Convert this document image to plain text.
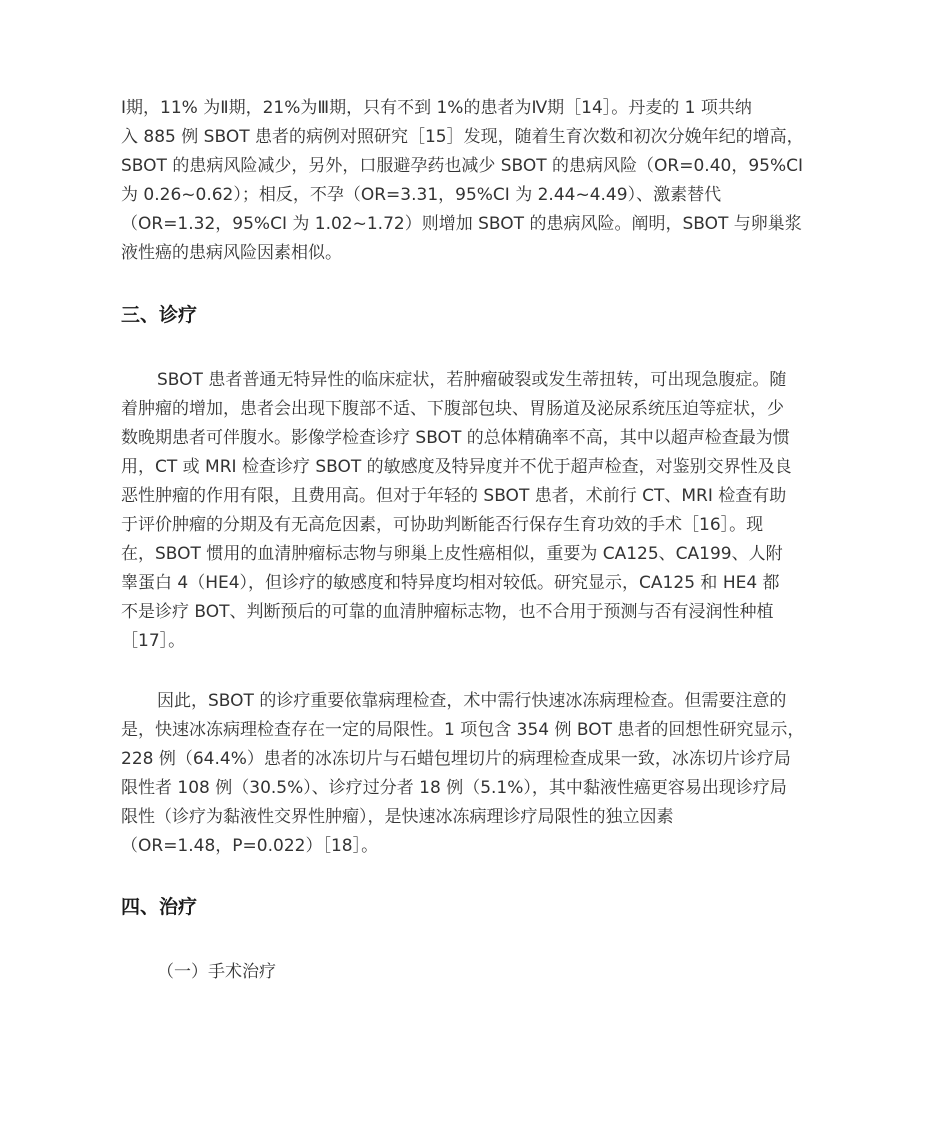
Ⅰ期，11% 为Ⅱ期，21%为Ⅲ期，只有不到 1%的患者为Ⅳ期［14］。丹麦的 1 项共纳

入 885 例 SBOT 患者的病例对照研究［15］发现，随着生育次数和初次分娩年纪的增高，

SBOT 的患病风险减少，另外，口服避孕药也减少 SBOT 的患病风险（OR=0.40，95%CI

为 0.26~0.62）；相反，不孕（OR=3.31，95%CI 为 2.44~4.49）、激素替代

（OR=1.32，95%CI 为 1.02~1.72）则增加 SBOT 的患病风险。阐明，SBOT 与卵巢浆

液性癌的患病风险因素相似。

三、诊疗

SBOT 患者普通无特异性的临床症状，若肿瘤破裂或发生蒂扭转，可出现急腹症。随

着肿瘤的增加，患者会出现下腹部不适、下腹部包块、胃肠道及泌尿系统压迫等症状，少

数晚期患者可伴腹水。影像学检查诊疗 SBOT 的总体精确率不高，其中以超声检查最为惯

用，CT 或 MRI 检查诊疗 SBOT 的敏感度及特异度并不优于超声检查，对鉴别交界性及良

恶性肿瘤的作用有限，且费用高。但对于年轻的 SBOT 患者，术前行 CT、MRI 检查有助

于评价肿瘤的分期及有无高危因素，可协助判断能否行保存生育功效的手术［16］。现

在，SBOT 惯用的血清肿瘤标志物与卵巢上皮性癌相似，重要为 CA125、CA199、人附

睾蛋白 4（HE4），但诊疗的敏感度和特异度均相对较低。研究显示，CA125 和 HE4 都

不是诊疗 BOT、判断预后的可靠的血清肿瘤标志物，也不合用于预测与否有浸润性种植

［17］。

因此，SBOT 的诊疗重要依靠病理检查，术中需行快速冰冻病理检查。但需要注意的

是，快速冰冻病理检查存在一定的局限性。1 项包含 354 例 BOT 患者的回想性研究显示，

228 例（64.4%）患者的冰冻切片与石蜡包埋切片的病理检查成果一致，冰冻切片诊疗局

限性者 108 例（30.5%）、诊疗过分者 18 例（5.1%），其中黏液性癌更容易出现诊疗局

限性（诊疗为黏液性交界性肿瘤），是快速冰冻病理诊疗局限性的独立因素

（OR=1.48，P=0.022）［18］。

四、治疗

（一）手术治疗
